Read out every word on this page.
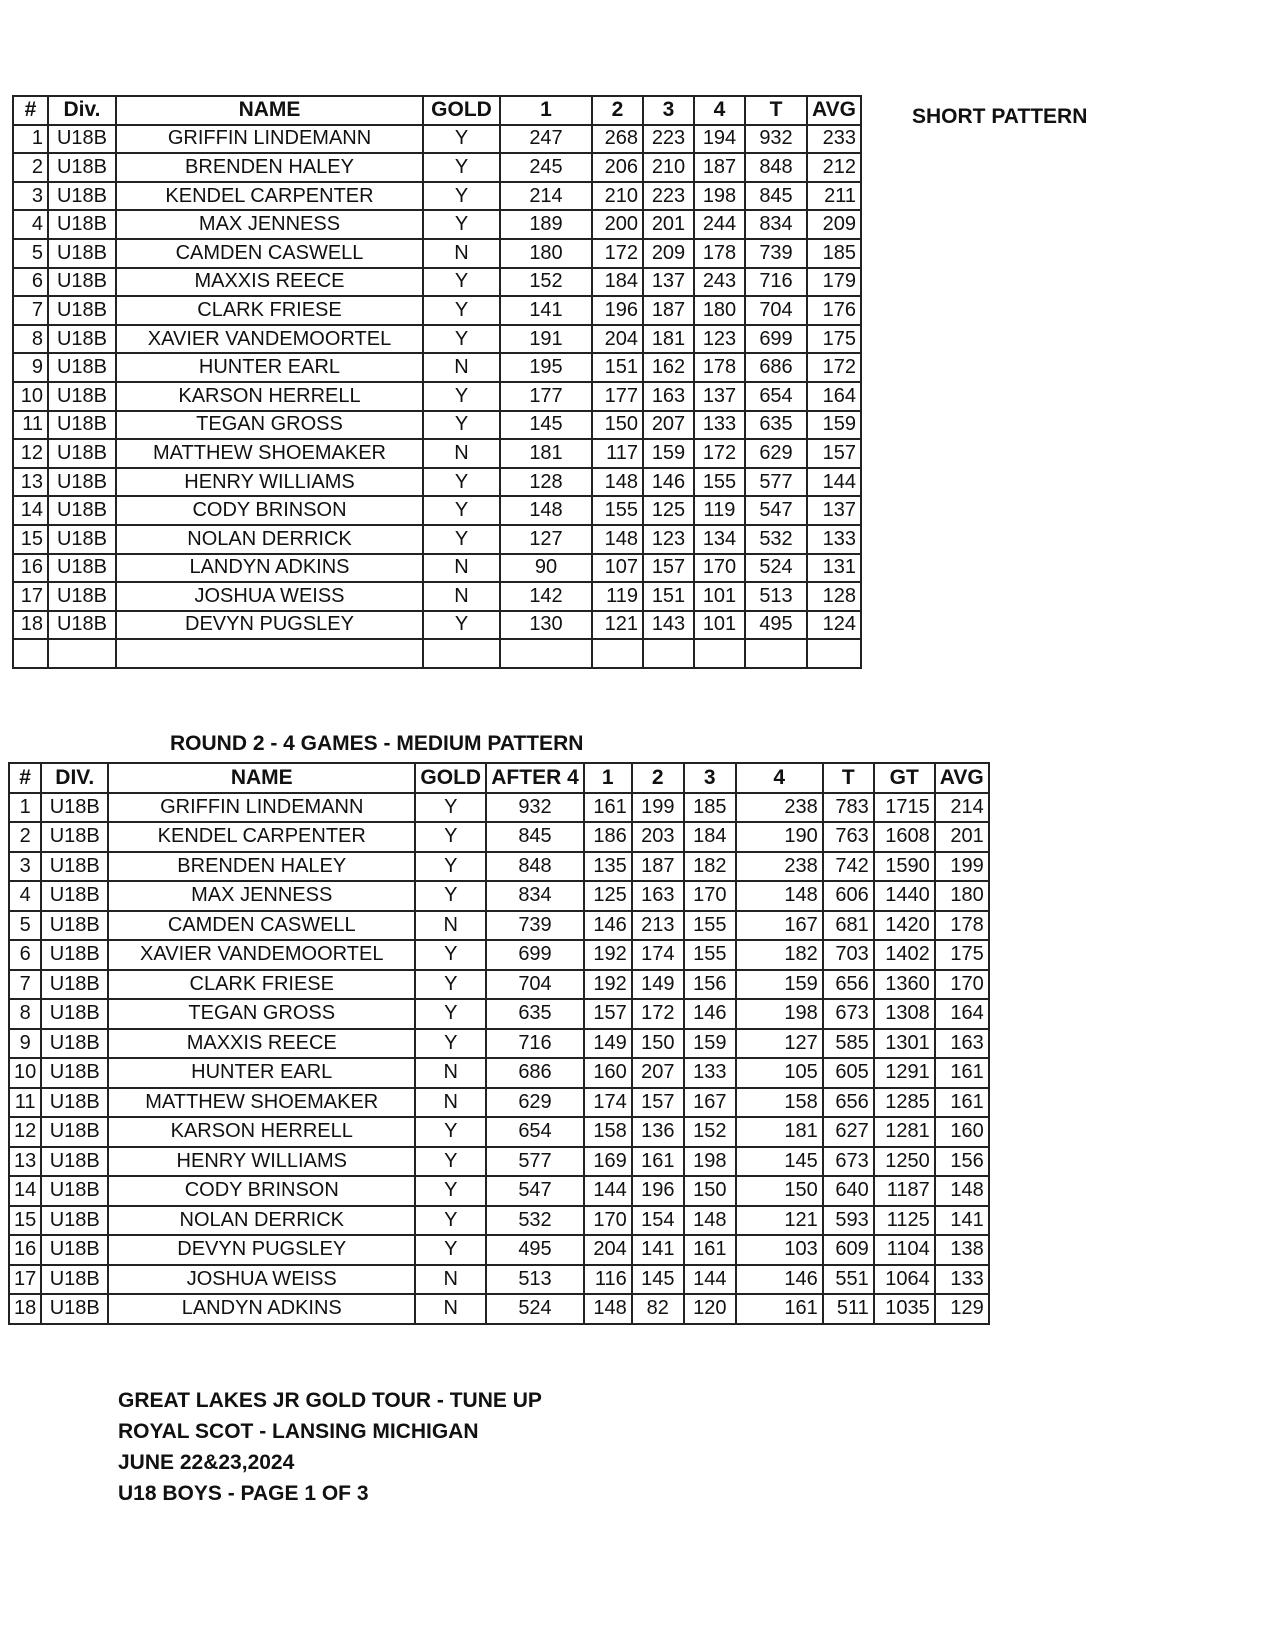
#	Div.	NAME	GOLD	1	2	3	4	T	AVG
1	U18B	GRIFFIN LINDEMANN	Y	247	268	223	194	932	233
2	U18B	BRENDEN HALEY	Y	245	206	210	187	848	212
3	U18B	KENDEL CARPENTER	Y	214	210	223	198	845	211
4	U18B	MAX JENNESS	Y	189	200	201	244	834	209
5	U18B	CAMDEN CASWELL	N	180	172	209	178	739	185
6	U18B	MAXXIS REECE	Y	152	184	137	243	716	179
7	U18B	CLARK FRIESE	Y	141	196	187	180	704	176
8	U18B	XAVIER VANDEMOORTEL	Y	191	204	181	123	699	175
9	U18B	HUNTER EARL	N	195	151	162	178	686	172
10	U18B	KARSON HERRELL	Y	177	177	163	137	654	164
11	U18B	TEGAN GROSS	Y	145	150	207	133	635	159
12	U18B	MATTHEW SHOEMAKER	N	181	117	159	172	629	157
13	U18B	HENRY WILLIAMS	Y	128	148	146	155	577	144
14	U18B	CODY BRINSON	Y	148	155	125	119	547	137
15	U18B	NOLAN DERRICK	Y	127	148	123	134	532	133
16	U18B	LANDYN ADKINS	N	90	107	157	170	524	131
17	U18B	JOSHUA WEISS	N	142	119	151	101	513	128
18	U18B	DEVYN PUGSLEY	Y	130	121	143	101	495	124

SHORT PATTERN
ROUND 2 - 4 GAMES - MEDIUM PATTERN
#	DIV.	NAME	GOLD	AFTER 4	1	2	3	4	T	GT	AVG
1	U18B	GRIFFIN LINDEMANN	Y	932	161	199	185	238	783	1715	214
2	U18B	KENDEL CARPENTER	Y	845	186	203	184	190	763	1608	201
3	U18B	BRENDEN HALEY	Y	848	135	187	182	238	742	1590	199
4	U18B	MAX JENNESS	Y	834	125	163	170	148	606	1440	180
5	U18B	CAMDEN CASWELL	N	739	146	213	155	167	681	1420	178
6	U18B	XAVIER VANDEMOORTEL	Y	699	192	174	155	182	703	1402	175
7	U18B	CLARK FRIESE	Y	704	192	149	156	159	656	1360	170
8	U18B	TEGAN GROSS	Y	635	157	172	146	198	673	1308	164
9	U18B	MAXXIS REECE	Y	716	149	150	159	127	585	1301	163
10	U18B	HUNTER EARL	N	686	160	207	133	105	605	1291	161
11	U18B	MATTHEW SHOEMAKER	N	629	174	157	167	158	656	1285	161
12	U18B	KARSON HERRELL	Y	654	158	136	152	181	627	1281	160
13	U18B	HENRY WILLIAMS	Y	577	169	161	198	145	673	1250	156
14	U18B	CODY BRINSON	Y	547	144	196	150	150	640	1187	148
15	U18B	NOLAN DERRICK	Y	532	170	154	148	121	593	1125	141
16	U18B	DEVYN PUGSLEY	Y	495	204	141	161	103	609	1104	138
17	U18B	JOSHUA WEISS	N	513	116	145	144	146	551	1064	133
18	U18B	LANDYN ADKINS	N	524	148	82	120	161	511	1035	129
GREAT LAKES JR GOLD TOUR - TUNE UP
ROYAL SCOT - LANSING MICHIGAN
JUNE 22&23,2024
U18 BOYS - PAGE 1 OF 3
